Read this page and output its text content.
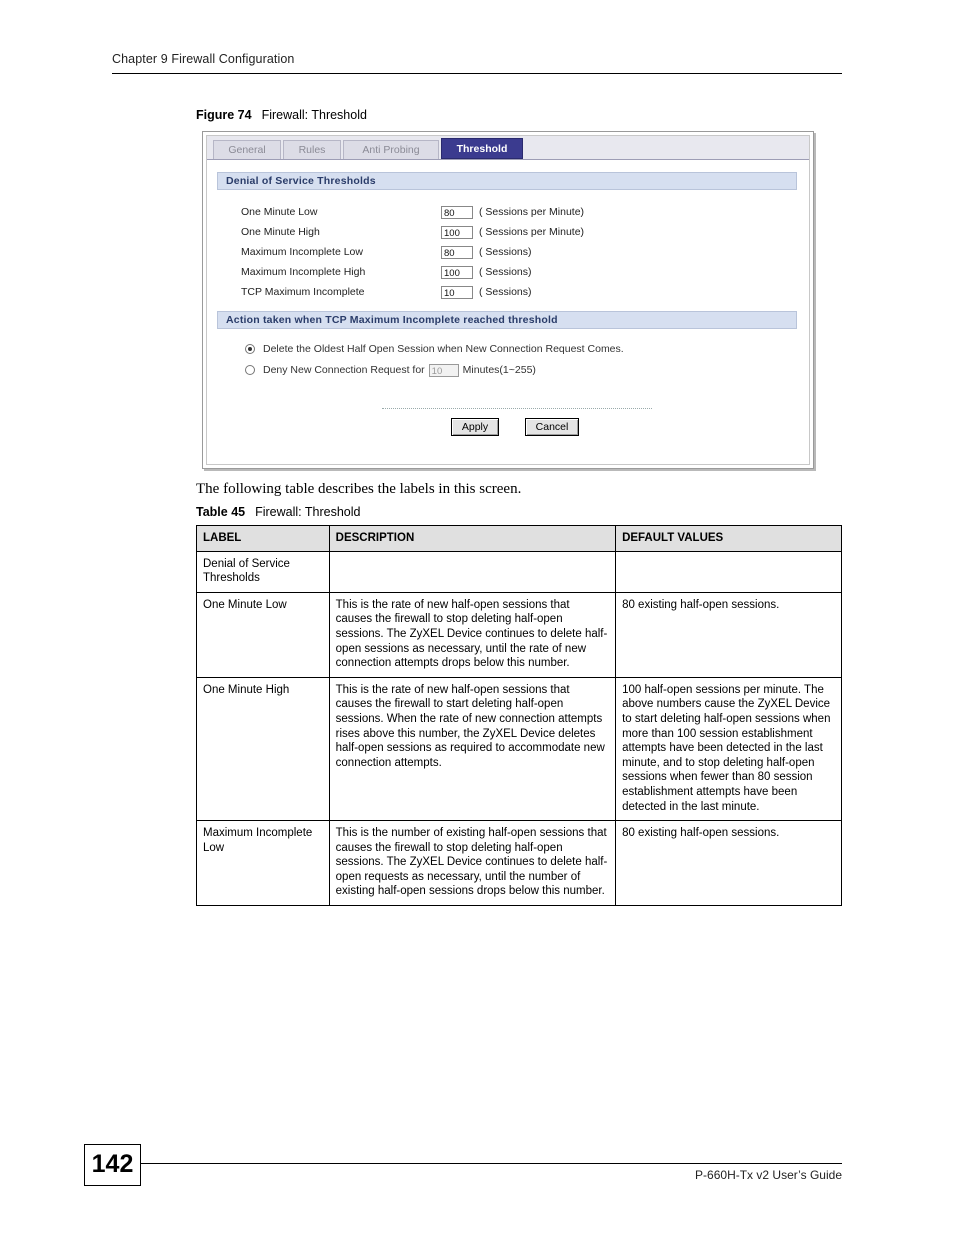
Chapter 9 Firewall Configuration
Figure 74 Firewall: Threshold
General	Rules	Anti Probing	Threshold
Denial of Service Thresholds
One Minute Low	80 ( Sessions per Minute)
One Minute High	100 ( Sessions per Minute)
Maximum Incomplete Low	80 ( Sessions)
Maximum Incomplete High	100 ( Sessions)
TCP Maximum Incomplete	10 ( Sessions)
Action taken when TCP Maximum Incomplete reached threshold
Delete the Oldest Half Open Session when New Connection Request Comes.
Deny New Connection Request for 10 Minutes(1~255)
Apply	Cancel
The following table describes the labels in this screen.
Table 45 Firewall: Threshold
LABEL	DESCRIPTION	DEFAULT VALUES
Denial of Service Thresholds		
One Minute Low	This is the rate of new half-open sessions that causes the firewall to stop deleting half-open sessions. The ZyXEL Device continues to delete half-open sessions as necessary, until the rate of new connection attempts drops below this number.	80 existing half-open sessions.
One Minute High	This is the rate of new half-open sessions that causes the firewall to start deleting half-open sessions. When the rate of new connection attempts rises above this number, the ZyXEL Device deletes half-open sessions as required to accommodate new connection attempts.	100 half-open sessions per minute. The above numbers cause the ZyXEL Device to start deleting half-open sessions when more than 100 session establishment attempts have been detected in the last minute, and to stop deleting half-open sessions when fewer than 80 session establishment attempts have been detected in the last minute.
Maximum Incomplete Low	This is the number of existing half-open sessions that causes the firewall to stop deleting half-open sessions. The ZyXEL Device continues to delete half-open requests as necessary, until the number of existing half-open sessions drops below this number.	80 existing half-open sessions.
142	P-660H-Tx v2 User’s Guide
